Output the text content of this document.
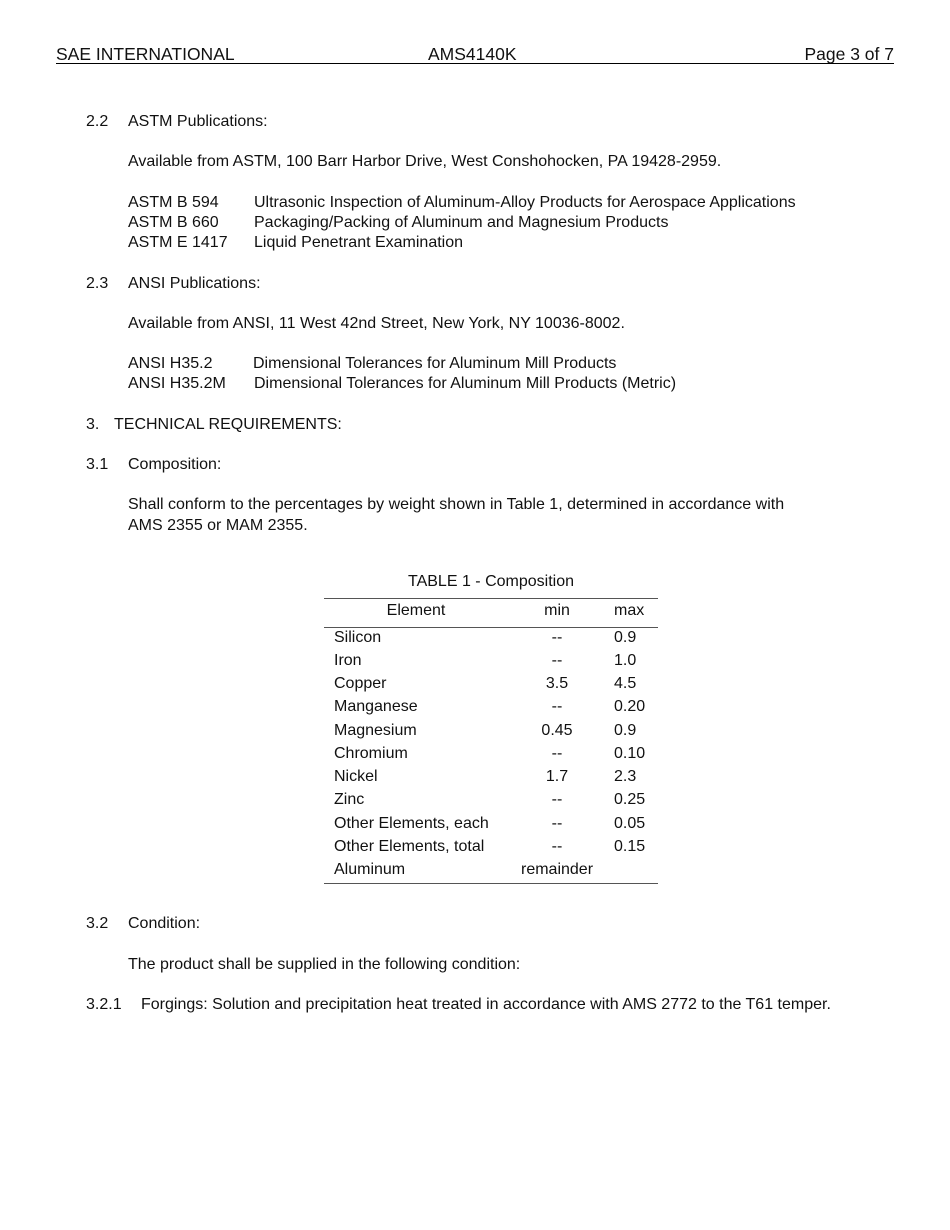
SAE INTERNATIONAL	AMS4140K	Page 3 of 7
2.2 ASTM Publications:
Available from ASTM, 100 Barr Harbor Drive, West Conshohocken, PA 19428-2959.
ASTM B 594 Ultrasonic Inspection of Aluminum-Alloy Products for Aerospace Applications
ASTM B 660 Packaging/Packing of Aluminum and Magnesium Products
ASTM E 1417 Liquid Penetrant Examination
2.3 ANSI Publications:
Available from ANSI, 11 West 42nd Street, New York, NY 10036-8002.
ANSI H35.2	Dimensional Tolerances for Aluminum Mill Products
ANSI H35.2M Dimensional Tolerances for Aluminum Mill Products (Metric)
3. TECHNICAL REQUIREMENTS:
3.1 Composition:
Shall conform to the percentages by weight shown in Table 1, determined in accordance with
AMS 2355 or MAM 2355.
TABLE 1 - Composition
Element	min	max
Silicon	--	0.9
Iron	--	1.0
Copper	3.5	4.5
Manganese	--	0.20
Magnesium	0.45	0.9
Chromium	--	0.10
Nickel	1.7	2.3
Zinc	--	0.25
Other Elements, each	--	0.05
Other Elements, total	--	0.15
Aluminum	remainder
3.2 Condition:
The product shall be supplied in the following condition:
3.2.1 Forgings: Solution and precipitation heat treated in accordance with AMS 2772 to the T61 temper.
